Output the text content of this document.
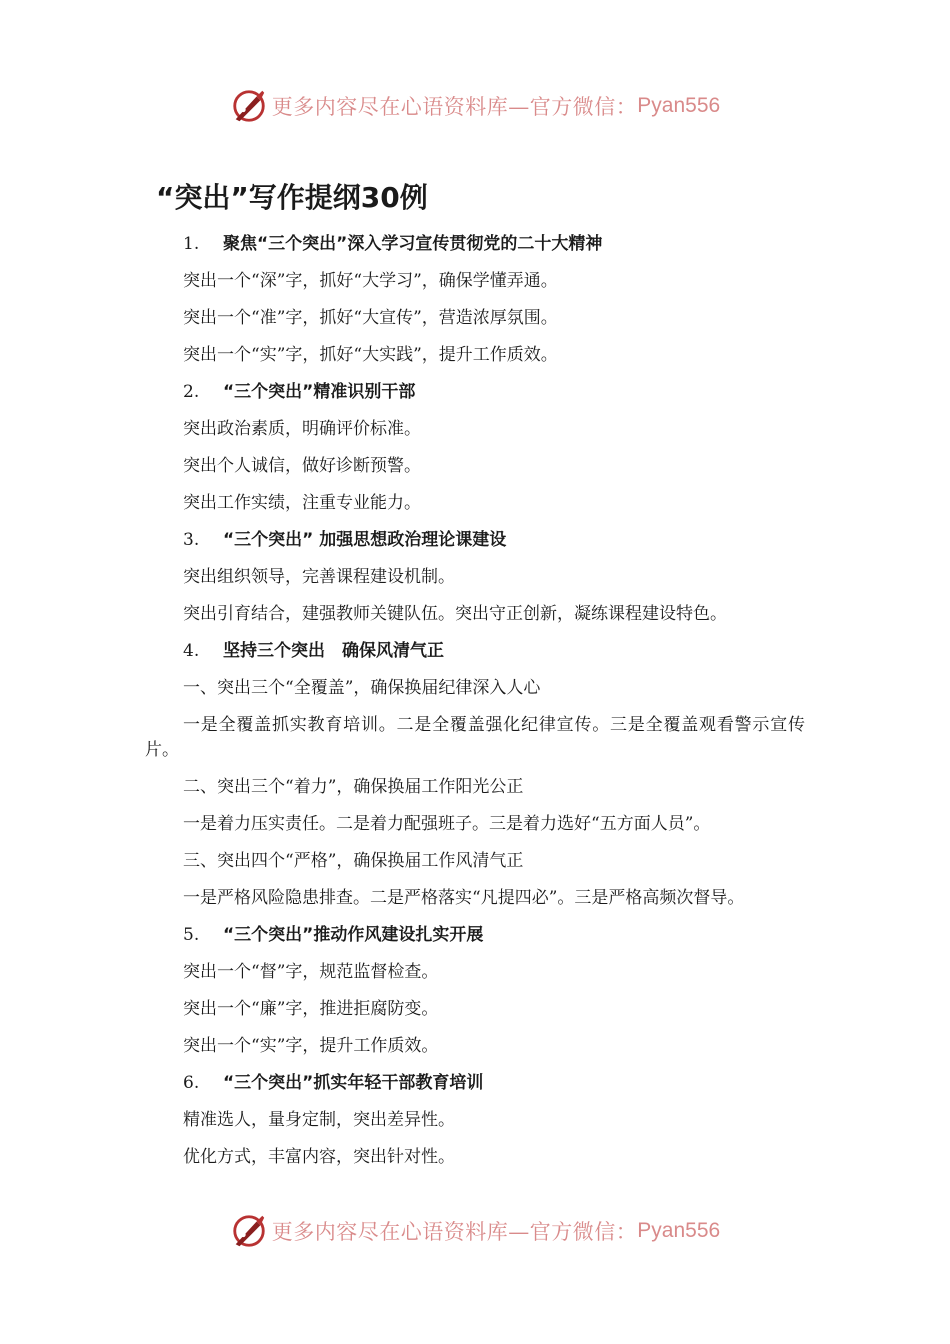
更多内容尽在心语资料库—官方微信： Pyan556
“突出”写作提纲30例
1. 聚焦“三个突出”深入学习宣传贯彻党的二十大精神
突出一个“深”字，抓好“大学习”，确保学懂弄通。
突出一个“准”字，抓好“大宣传”，营造浓厚氛围。
突出一个“实”字，抓好“大实践”，提升工作质效。
2. “三个突出”精准识别干部
突出政治素质，明确评价标准。
突出个人诚信，做好诊断预警。
突出工作实绩，注重专业能力。
3. “三个突出” 加强思想政治理论课建设
突出组织领导，完善课程建设机制。
突出引育结合，建强教师关键队伍。突出守正创新，凝练课程建设特色。
4. 坚持三个突出　确保风清气正
一、突出三个“全覆盖”，确保换届纪律深入人心
一是全覆盖抓实教育培训。二是全覆盖强化纪律宣传。三是全覆盖观看警示宣传片。
二、突出三个“着力”，确保换届工作阳光公正
一是着力压实责任。二是着力配强班子。三是着力选好“五方面人员”。
三、突出四个“严格”，确保换届工作风清气正
一是严格风险隐患排查。二是严格落实“凡提四必”。三是严格高频次督导。
5. “三个突出”推动作风建设扎实开展
突出一个“督”字，规范监督检查。
突出一个“廉”字，推进拒腐防变。
突出一个“实”字，提升工作质效。
6. “三个突出”抓实年轻干部教育培训
精准选人，量身定制，突出差异性。
优化方式，丰富内容，突出针对性。
更多内容尽在心语资料库—官方微信： Pyan556
